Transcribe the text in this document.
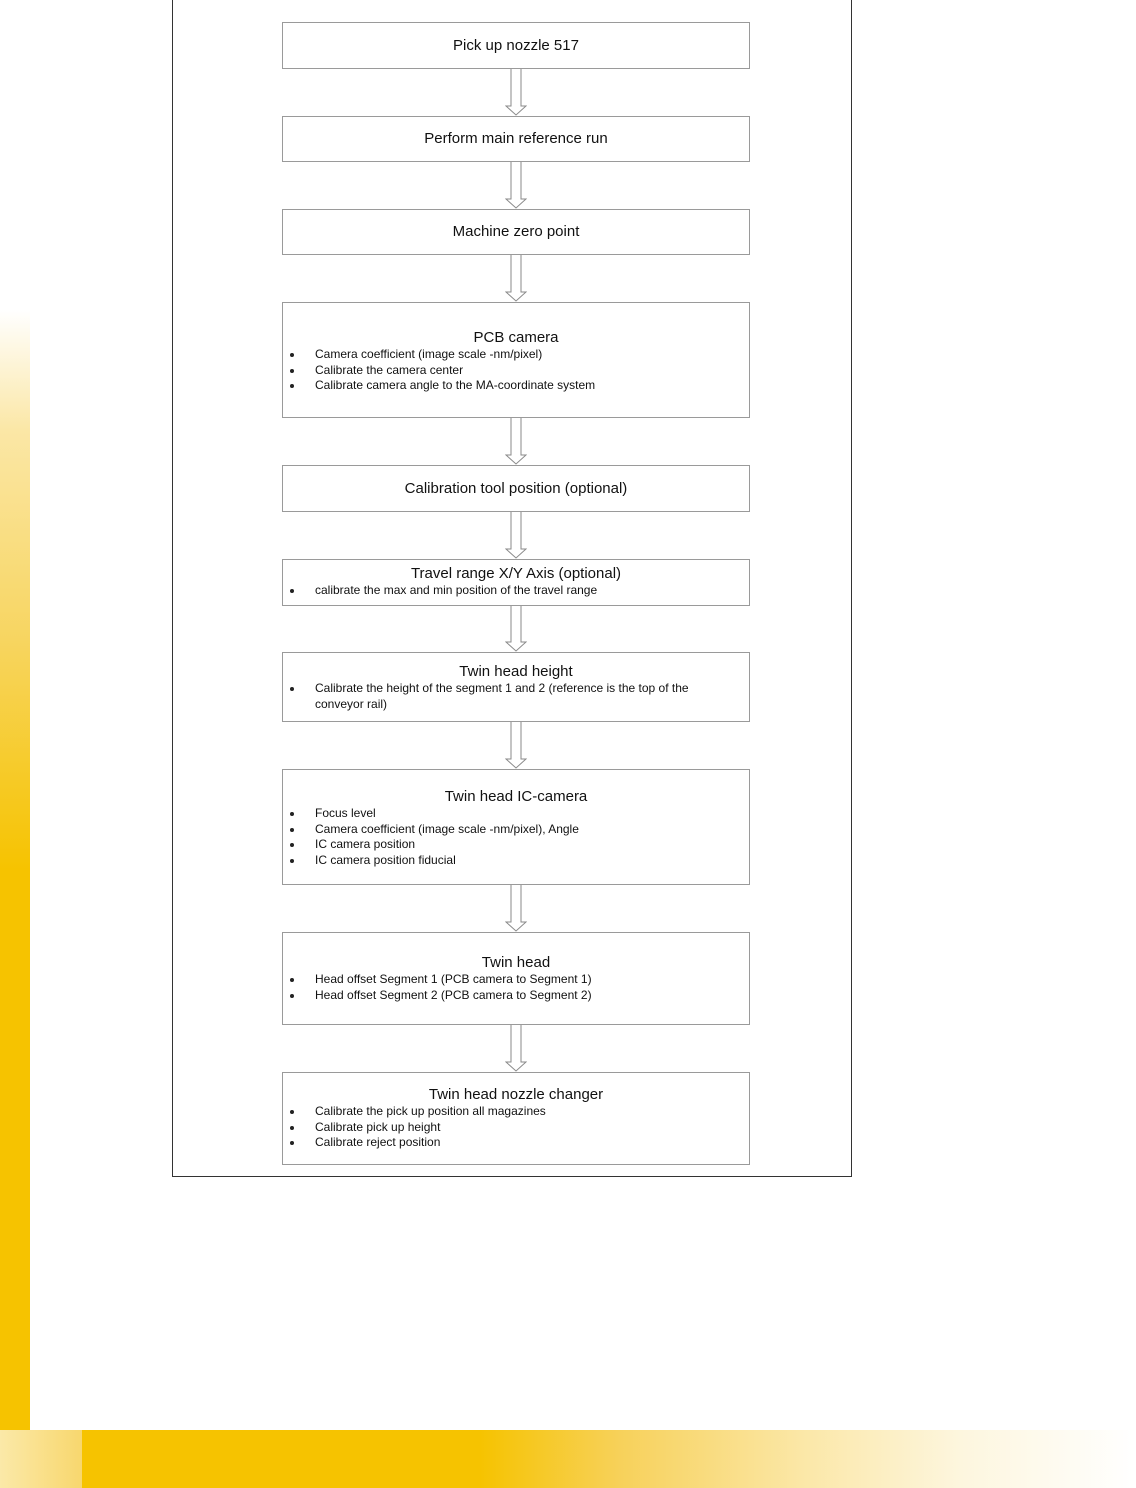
Pick up nozzle 517
Perform main reference run
Machine zero point
PCB camera
Camera coefficient (image scale -nm/pixel)
Calibrate the camera center
Calibrate camera angle to the MA-coordinate system
Calibration tool position (optional)
Travel range X/Y Axis (optional)
calibrate the max and min position of the travel range
Twin head height
Calibrate the height of the segment 1 and 2 (reference is the top of the conveyor rail)
Twin head IC-camera
Focus level
Camera coefficient (image scale -nm/pixel), Angle
IC camera position
IC camera position fiducial
Twin head
Head offset Segment 1 (PCB camera to Segment 1)
Head offset Segment 2 (PCB camera to Segment 2)
Twin head nozzle changer
Calibrate the pick up position all magazines
Calibrate pick up height
Calibrate reject position
